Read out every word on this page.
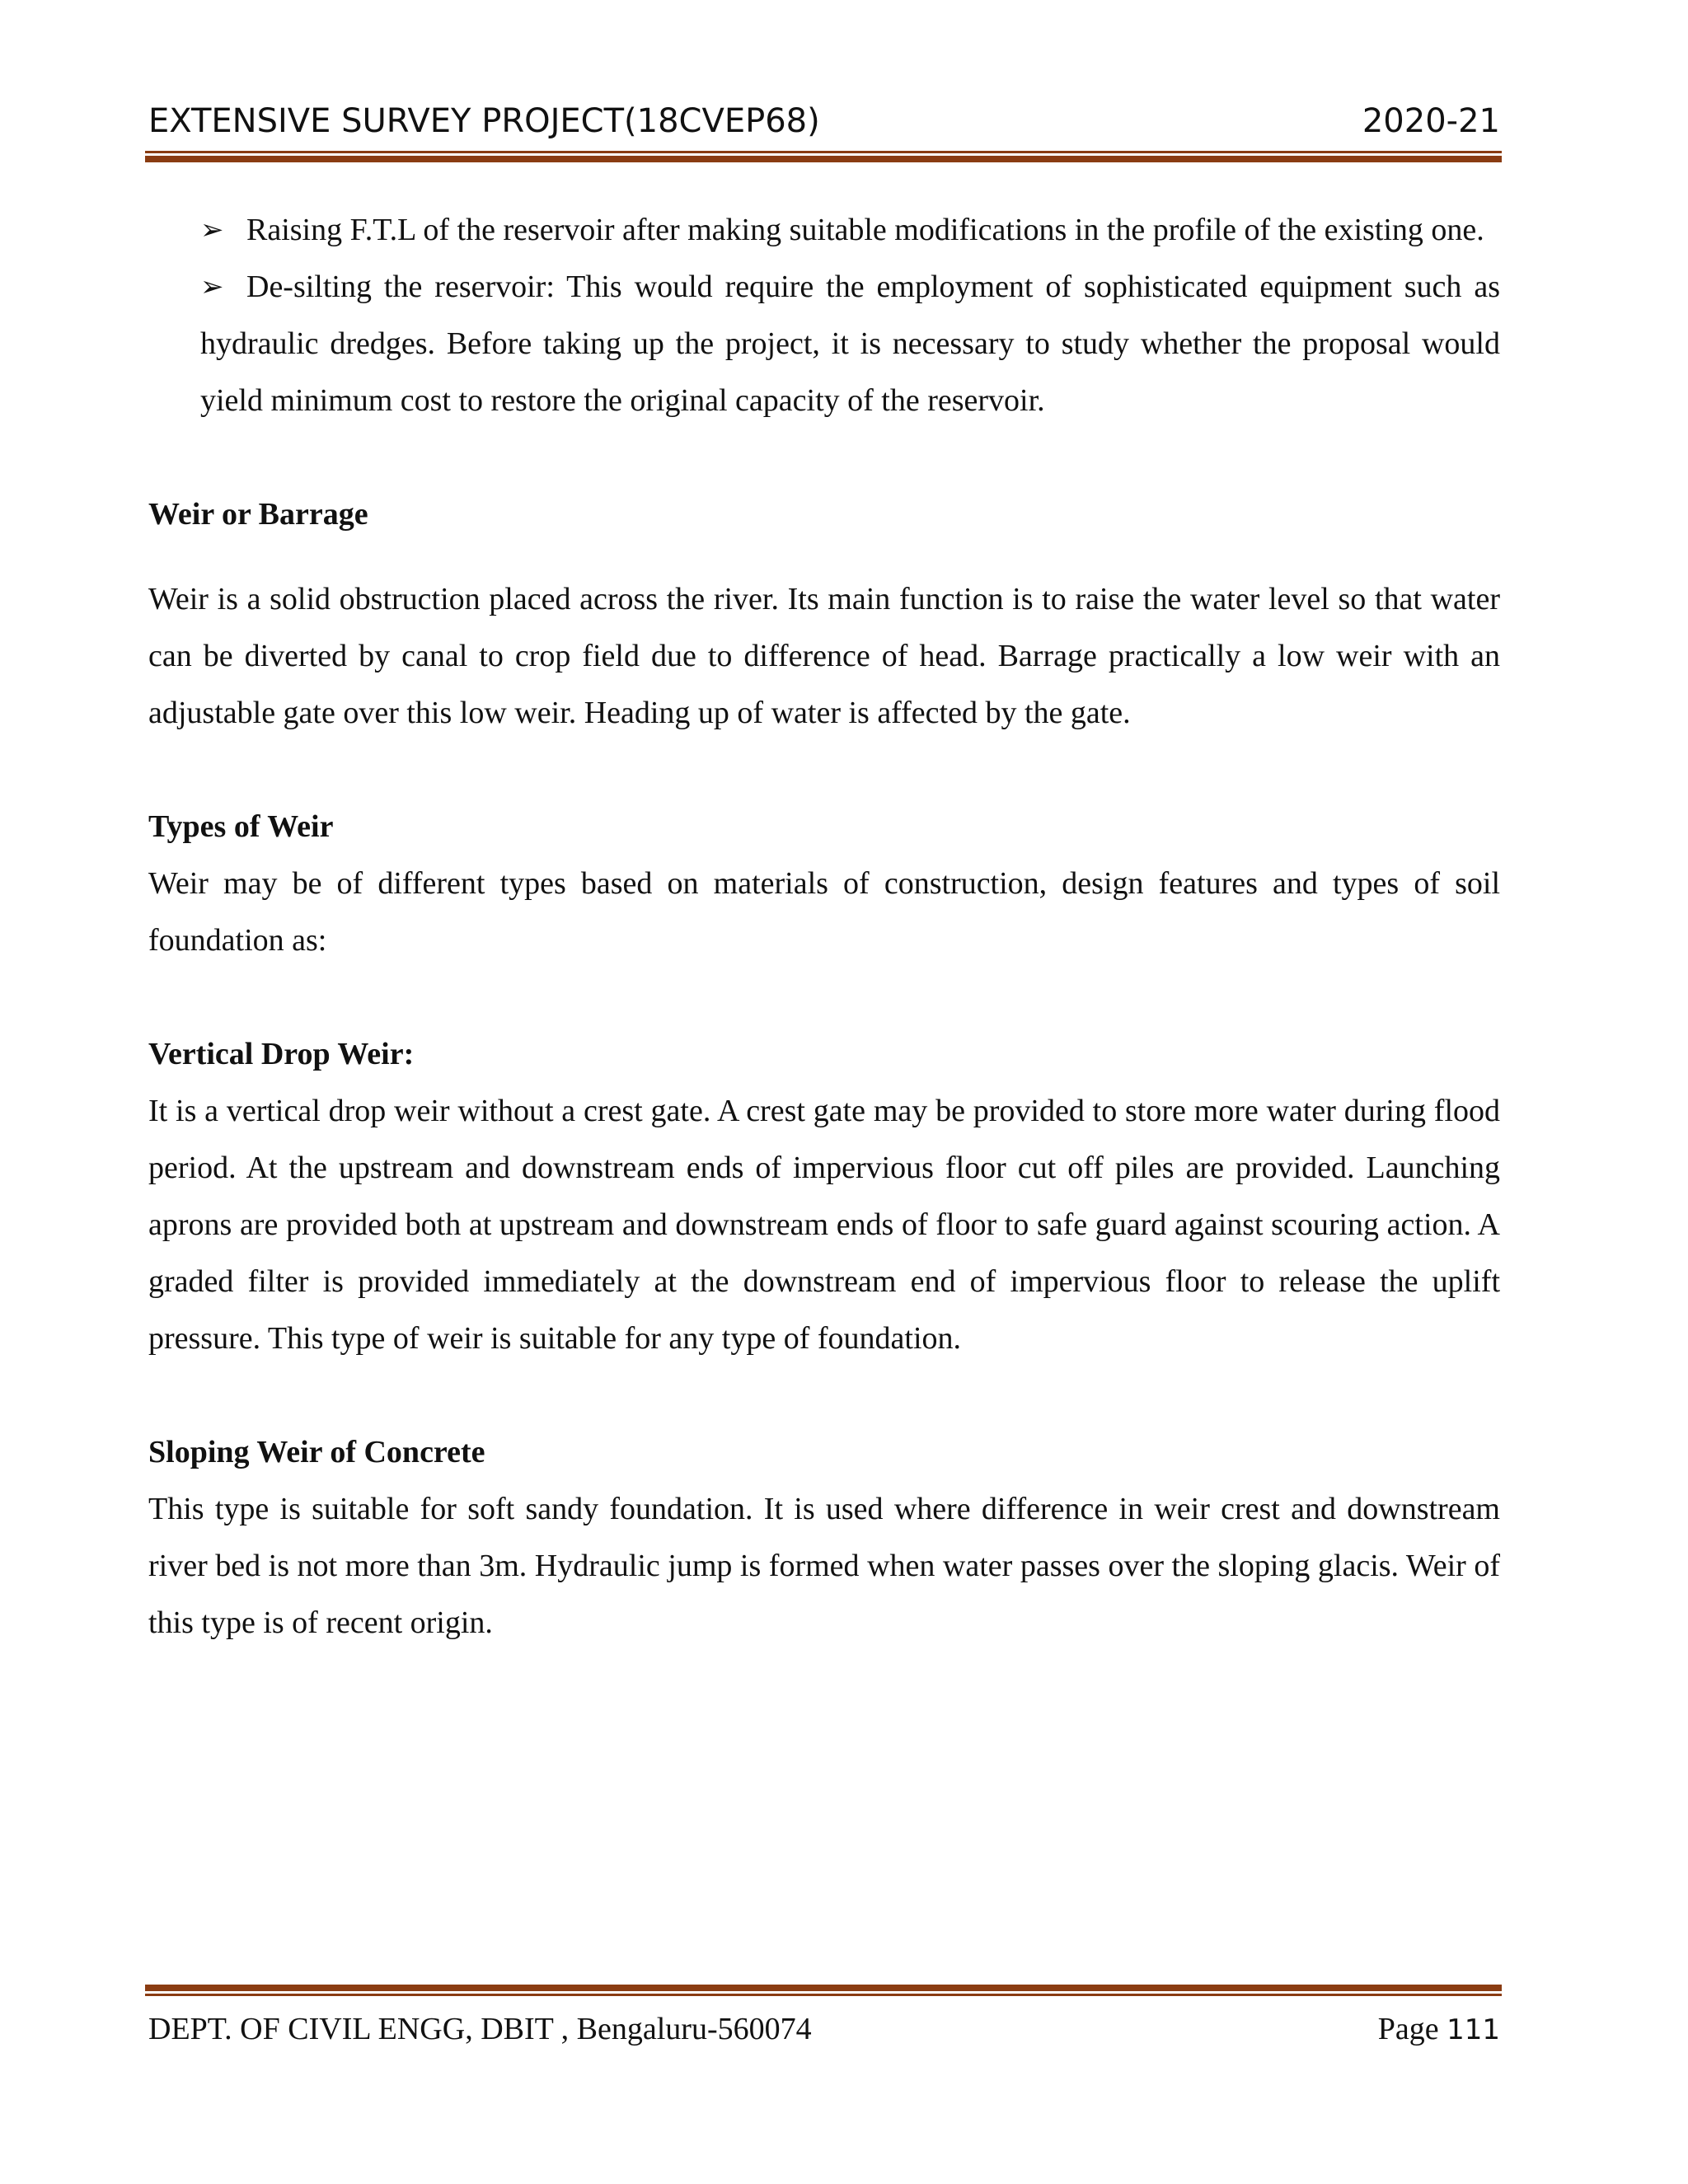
EXTENSIVE SURVEY PROJECT(18CVEP68)	2020-21
➢ Raising F.T.L of the reservoir after making suitable modifications in the profile of the existing one.
➢ De-silting the reservoir: This would require the employment of sophisticated equipment such as hydraulic dredges. Before taking up the project, it is necessary to study whether the proposal would yield minimum cost to restore the original capacity of the reservoir.

Weir or Barrage

Weir is a solid obstruction placed across the river. Its main function is to raise the water level so that water can be diverted by canal to crop field due to difference of head. Barrage practically a low weir with an adjustable gate over this low weir. Heading up of water is affected by the gate.

Types of Weir

Weir may be of different types based on materials of construction, design features and types of soil foundation as:

Vertical Drop Weir:

It is a vertical drop weir without a crest gate. A crest gate may be provided to store more water during flood period. At the upstream and downstream ends of impervious floor cut off piles are provided. Launching aprons are provided both at upstream and downstream ends of floor to safe guard against scouring action. A graded filter is provided immediately at the downstream end of impervious floor to release the uplift pressure. This type of weir is suitable for any type of foundation.

Sloping Weir of Concrete

This type is suitable for soft sandy foundation. It is used where difference in weir crest and downstream river bed is not more than 3m. Hydraulic jump is formed when water passes over the sloping glacis. Weir of this type is of recent origin.

DEPT. OF CIVIL ENGG, DBIT , Bengaluru-560074	Page 111
